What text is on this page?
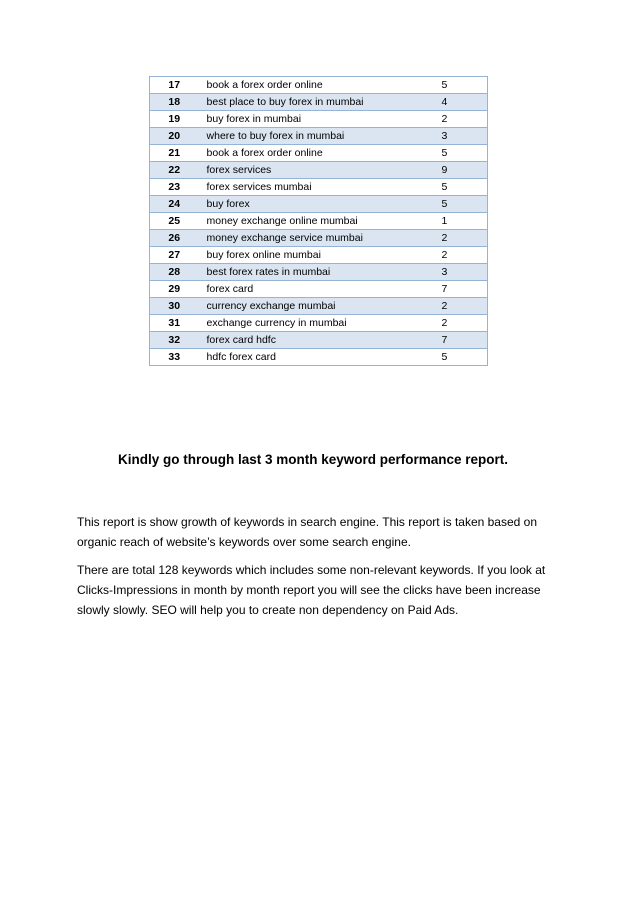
17	book a forex order online	5
18	best place to buy forex in mumbai	4
19	buy forex in mumbai	2
20	where to buy forex in mumbai	3
21	book a forex order online	5
22	forex services	9
23	forex services mumbai	5
24	buy forex	5
25	money exchange online mumbai	1
26	money exchange service mumbai	2
27	buy forex online mumbai	2
28	best forex rates in mumbai	3
29	forex card	7
30	currency exchange mumbai	2
31	exchange currency in mumbai	2
32	forex card hdfc	7
33	hdfc forex card	5
Kindly go through last 3 month keyword performance report.

This report is show growth of keywords in search engine. This report is taken based on organic reach of website’s keywords over some search engine.

There are total 128 keywords which includes some non-relevant keywords. If you look at Clicks-Impressions in month by month report you will see the clicks have been increase slowly slowly. SEO will help you to create non dependency on Paid Ads.
